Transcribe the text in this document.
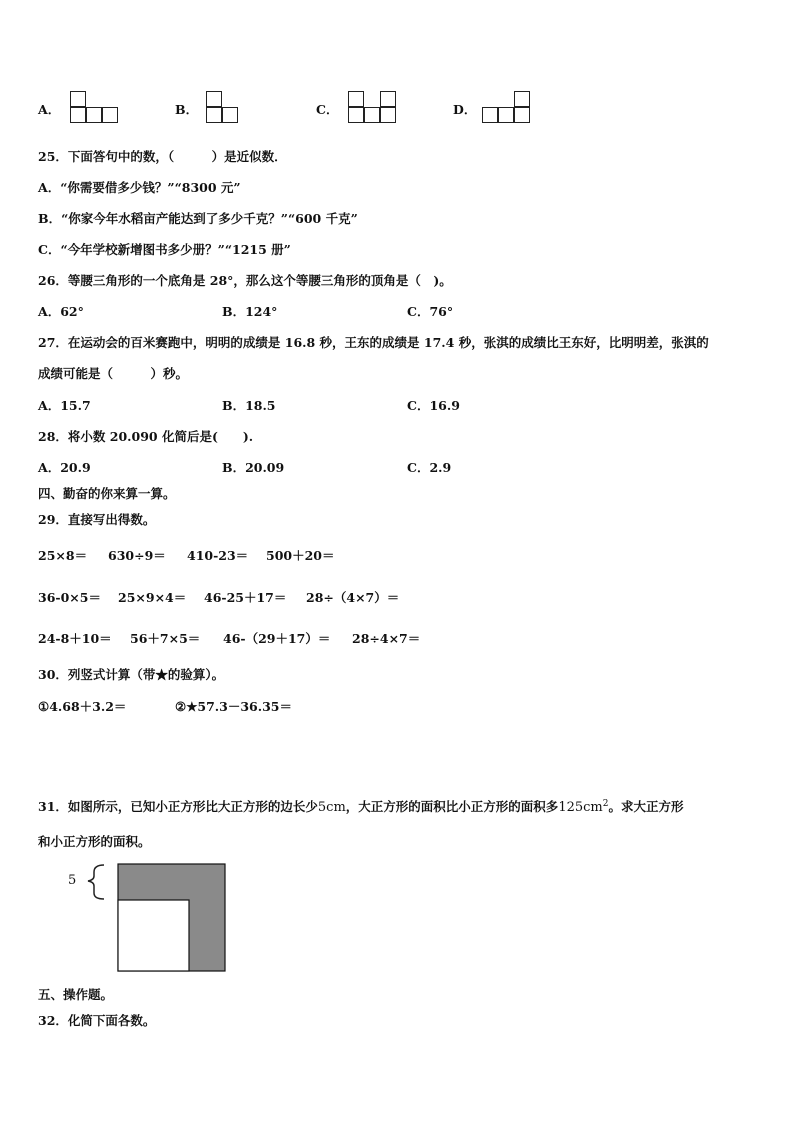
A．	B．	C．	D．
25．下面答句中的数，（　　　）是近似数．
A．“你需要借多少钱？”“8300 元”
B．“你家今年水稻亩产能达到了多少千克？”“600 千克”
C．“今年学校新增图书多少册？”“1215 册”
26．等腰三角形的一个底角是 28°，那么这个等腰三角形的顶角是（　)。
A．62°	B．124°	C．76°
27．在运动会的百米赛跑中，明明的成绩是 16.8 秒，王东的成绩是 17.4 秒，张淇的成绩比王东好，比明明差，张淇的
成绩可能是（　　　）秒。
A．15.7	B．18.5	C．16.9
28．将小数 20.090 化简后是(　　).
A．20.9	B．20.09	C．2.9
四、勤奋的你来算一算。
29．直接写出得数。
25×8＝ 630÷9＝ 410-23＝ 500＋20＝
36-0×5＝ 25×9×4＝ 46-25＋17＝ 28÷（4×7）＝
24-8＋10＝ 56＋7×5＝ 46-（29＋17）＝ 28÷4×7＝
30．列竖式计算（带★的验算）。
①4.68＋3.2＝	②★57.3－36.35＝
31．如图所示，已知小正方形比大正方形的边长少5cm，大正方形的面积比小正方形的面积多$125cm^2$。求大正方形
和小正方形的面积。
5
五、操作题。
32．化简下面各数。
